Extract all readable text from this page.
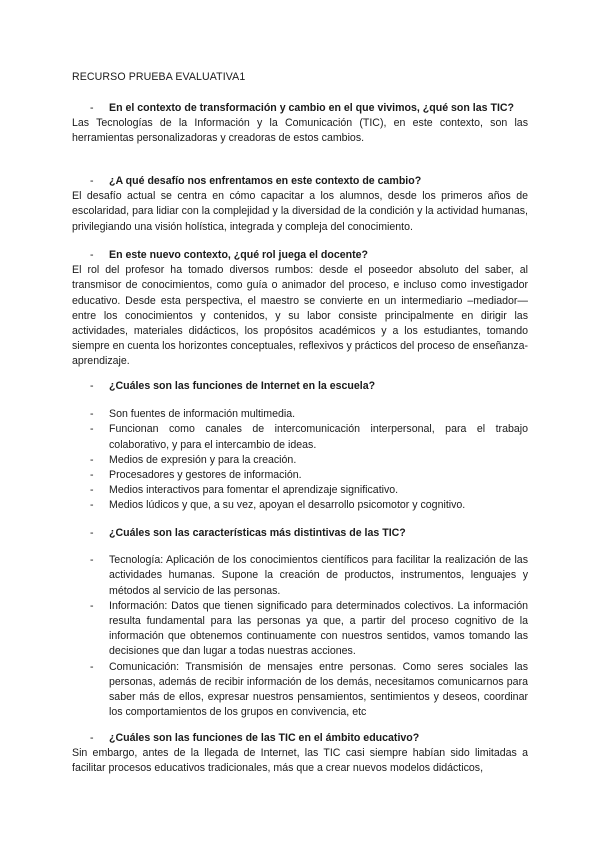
RECURSO PRUEBA EVALUATIVA1
- En el contexto de transformación y cambio en el que vivimos, ¿qué son las TIC?
Las Tecnologías de la Información y la Comunicación (TIC), en este contexto, son las herramientas personalizadoras y creadoras de estos cambios.
- ¿A qué desafío nos enfrentamos en este contexto de cambio?
El desafío actual se centra en cómo capacitar a los alumnos, desde los primeros años de escolaridad, para lidiar con la complejidad y la diversidad de la condición y la actividad humanas, privilegiando una visión holística, integrada y compleja del conocimiento.
- En este nuevo contexto, ¿qué rol juega el docente?
El rol del profesor ha tomado diversos rumbos: desde el poseedor absoluto del saber, al transmisor de conocimientos, como guía o animador del proceso, e incluso como investigador educativo. Desde esta perspectiva, el maestro se convierte en un intermediario –mediador— entre los conocimientos y contenidos, y su labor consiste principalmente en dirigir las actividades, materiales didácticos, los propósitos académicos y a los estudiantes, tomando siempre en cuenta los horizontes conceptuales, reflexivos y prácticos del proceso de enseñanza- aprendizaje.
- ¿Cuáles son las funciones de Internet en la escuela?
- Son fuentes de información multimedia.
- Funcionan como canales de intercomunicación interpersonal, para el trabajo colaborativo, y para el intercambio de ideas.
- Medios de expresión y para la creación.
- Procesadores y gestores de información.
- Medios interactivos para fomentar el aprendizaje significativo.
- Medios lúdicos y que, a su vez, apoyan el desarrollo psicomotor y cognitivo.
- ¿Cuáles son las características más distintivas de las TIC?
- Tecnología: Aplicación de los conocimientos científicos para facilitar la realización de las actividades humanas. Supone la creación de productos, instrumentos, lenguajes y métodos al servicio de las personas.
- Información: Datos que tienen significado para determinados colectivos. La información resulta fundamental para las personas ya que, a partir del proceso cognitivo de la información que obtenemos continuamente con nuestros sentidos, vamos tomando las decisiones que dan lugar a todas nuestras acciones.
- Comunicación: Transmisión de mensajes entre personas. Como seres sociales las personas, además de recibir información de los demás, necesitamos comunicarnos para saber más de ellos, expresar nuestros pensamientos, sentimientos y deseos, coordinar los comportamientos de los grupos en convivencia, etc
- ¿Cuáles son las funciones de las TIC en el ámbito educativo?
Sin embargo, antes de la llegada de Internet, las TIC casi siempre habían sido limitadas a facilitar procesos educativos tradicionales, más que a crear nuevos modelos didácticos,
